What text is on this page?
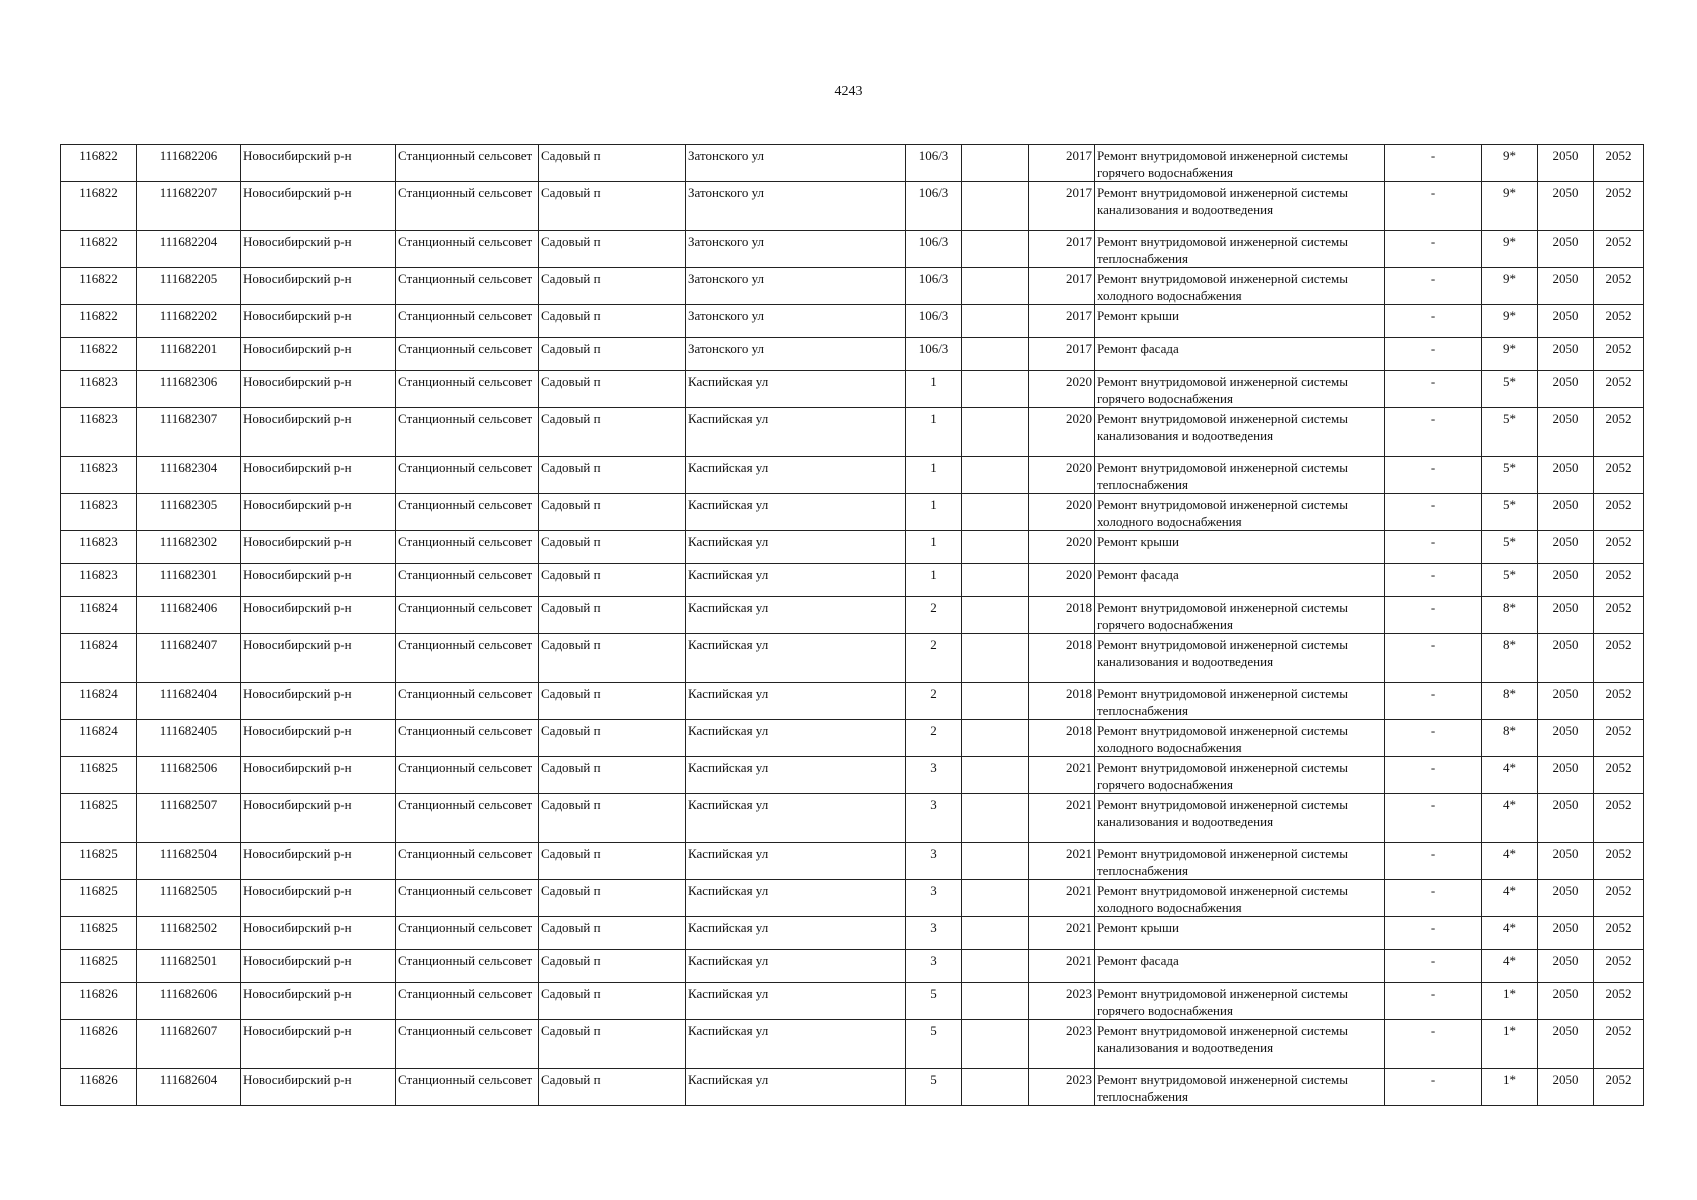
4243
116822	111682206	Новосибирский р-н	Станционный сельсовет	Садовый п	Затонского ул	106/3		2017	Ремонт внутридомовой инженерной системы горячего водоснабжения	-	9*	2050	2052
116822	111682207	Новосибирский р-н	Станционный сельсовет	Садовый п	Затонского ул	106/3		2017	Ремонт внутридомовой инженерной системы канализования и водоотведения	-	9*	2050	2052
116822	111682204	Новосибирский р-н	Станционный сельсовет	Садовый п	Затонского ул	106/3		2017	Ремонт внутридомовой инженерной системы теплоснабжения	-	9*	2050	2052
116822	111682205	Новосибирский р-н	Станционный сельсовет	Садовый п	Затонского ул	106/3		2017	Ремонт внутридомовой инженерной системы холодного водоснабжения	-	9*	2050	2052
116822	111682202	Новосибирский р-н	Станционный сельсовет	Садовый п	Затонского ул	106/3		2017	Ремонт крыши	-	9*	2050	2052
116822	111682201	Новосибирский р-н	Станционный сельсовет	Садовый п	Затонского ул	106/3		2017	Ремонт фасада	-	9*	2050	2052
116823	111682306	Новосибирский р-н	Станционный сельсовет	Садовый п	Каспийская ул	1		2020	Ремонт внутридомовой инженерной системы горячего водоснабжения	-	5*	2050	2052
116823	111682307	Новосибирский р-н	Станционный сельсовет	Садовый п	Каспийская ул	1		2020	Ремонт внутридомовой инженерной системы канализования и водоотведения	-	5*	2050	2052
116823	111682304	Новосибирский р-н	Станционный сельсовет	Садовый п	Каспийская ул	1		2020	Ремонт внутридомовой инженерной системы теплоснабжения	-	5*	2050	2052
116823	111682305	Новосибирский р-н	Станционный сельсовет	Садовый п	Каспийская ул	1		2020	Ремонт внутридомовой инженерной системы холодного водоснабжения	-	5*	2050	2052
116823	111682302	Новосибирский р-н	Станционный сельсовет	Садовый п	Каспийская ул	1		2020	Ремонт крыши	-	5*	2050	2052
116823	111682301	Новосибирский р-н	Станционный сельсовет	Садовый п	Каспийская ул	1		2020	Ремонт фасада	-	5*	2050	2052
116824	111682406	Новосибирский р-н	Станционный сельсовет	Садовый п	Каспийская ул	2		2018	Ремонт внутридомовой инженерной системы горячего водоснабжения	-	8*	2050	2052
116824	111682407	Новосибирский р-н	Станционный сельсовет	Садовый п	Каспийская ул	2		2018	Ремонт внутридомовой инженерной системы канализования и водоотведения	-	8*	2050	2052
116824	111682404	Новосибирский р-н	Станционный сельсовет	Садовый п	Каспийская ул	2		2018	Ремонт внутридомовой инженерной системы теплоснабжения	-	8*	2050	2052
116824	111682405	Новосибирский р-н	Станционный сельсовет	Садовый п	Каспийская ул	2		2018	Ремонт внутридомовой инженерной системы холодного водоснабжения	-	8*	2050	2052
116825	111682506	Новосибирский р-н	Станционный сельсовет	Садовый п	Каспийская ул	3		2021	Ремонт внутридомовой инженерной системы горячего водоснабжения	-	4*	2050	2052
116825	111682507	Новосибирский р-н	Станционный сельсовет	Садовый п	Каспийская ул	3		2021	Ремонт внутридомовой инженерной системы канализования и водоотведения	-	4*	2050	2052
116825	111682504	Новосибирский р-н	Станционный сельсовет	Садовый п	Каспийская ул	3		2021	Ремонт внутридомовой инженерной системы теплоснабжения	-	4*	2050	2052
116825	111682505	Новосибирский р-н	Станционный сельсовет	Садовый п	Каспийская ул	3		2021	Ремонт внутридомовой инженерной системы холодного водоснабжения	-	4*	2050	2052
116825	111682502	Новосибирский р-н	Станционный сельсовет	Садовый п	Каспийская ул	3		2021	Ремонт крыши	-	4*	2050	2052
116825	111682501	Новосибирский р-н	Станционный сельсовет	Садовый п	Каспийская ул	3		2021	Ремонт фасада	-	4*	2050	2052
116826	111682606	Новосибирский р-н	Станционный сельсовет	Садовый п	Каспийская ул	5		2023	Ремонт внутридомовой инженерной системы горячего водоснабжения	-	1*	2050	2052
116826	111682607	Новосибирский р-н	Станционный сельсовет	Садовый п	Каспийская ул	5		2023	Ремонт внутридомовой инженерной системы канализования и водоотведения	-	1*	2050	2052
116826	111682604	Новосибирский р-н	Станционный сельсовет	Садовый п	Каспийская ул	5		2023	Ремонт внутридомовой инженерной системы теплоснабжения	-	1*	2050	2052
